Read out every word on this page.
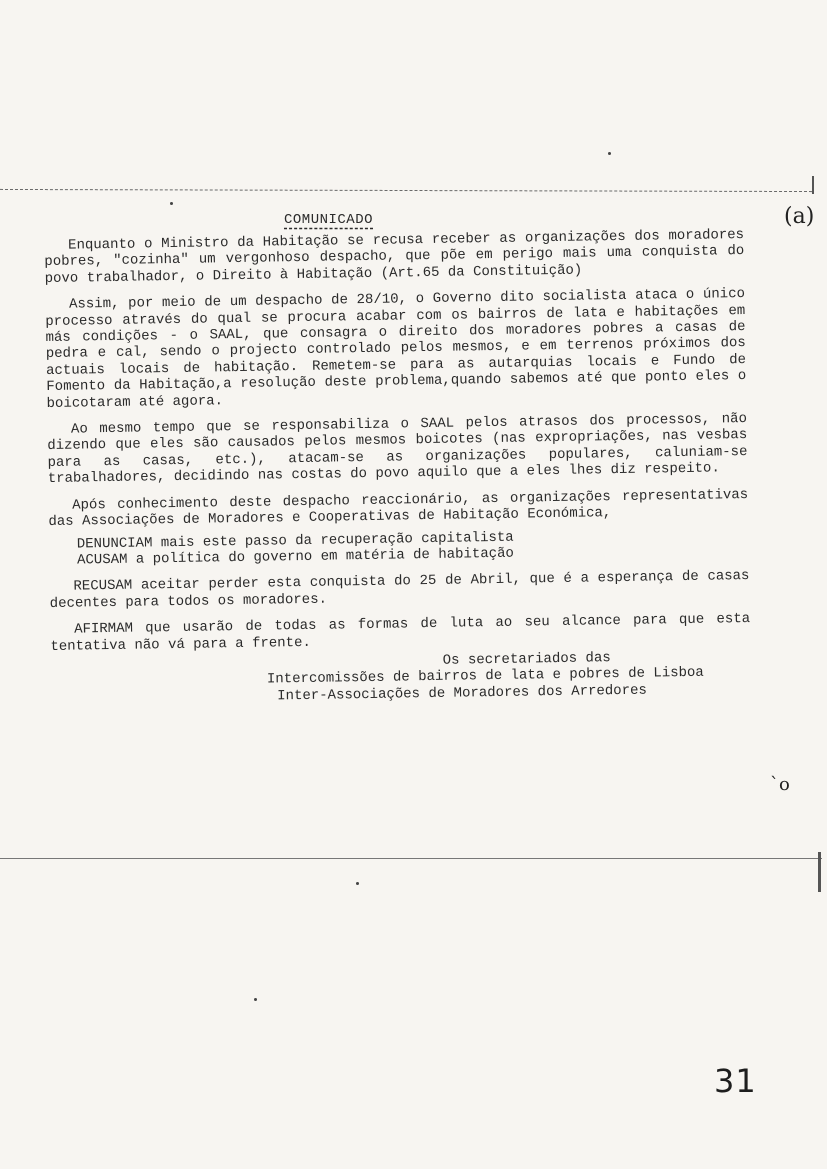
(a)
COMUNICADO

Enquanto o Ministro da Habitação se recusa receber as organizações dos moradores pobres, "cozinha" um vergonhoso despacho, que põe em perigo mais uma conquista do povo trabalhador, o Direito à Habitação (Art.65 da Constituição)

Assim, por meio de um despacho de 28/10, o Governo dito socialista ataca o único processo através do qual se procura acabar com os bairros de lata e habitações em más condições - o SAAL, que consagra o direito dos moradores pobres a casas de pedra e cal, sendo o projecto controlado pelos mesmos, e em terrenos próximos dos actuais locais de habitação. Remetem-se para as autarquias locais e Fundo de Fomento da Habitação,a resolução deste problema,quando sabemos até que ponto eles o boicotaram até agora.

Ao mesmo tempo que se responsabiliza o SAAL pelos atrasos dos processos, não dizendo que eles são causados pelos mesmos boicotes (nas expropriações, nas vesbas para as casas, etc.), atacam-se as organizações populares, caluniam-se trabalhadores, decidindo nas costas do povo aquilo que a eles lhes diz respeito.

Após conhecimento deste despacho reaccionário, as organizações representativas das Associações de Moradores e Cooperativas de Habitação Económica,

DENUNCIAM mais este passo da recuperação capitalista

ACUSAM a política do governo em matéria de habitação

RECUSAM aceitar perder esta conquista do 25 de Abril, que é a esperança de casas decentes para todos os moradores.

AFIRMAM que usarão de todas as formas de luta ao seu alcance para que esta tentativa não vá para a frente.

Os secretariados das
Intercomissões de bairros de lata e pobres de Lisboa
Inter-Associações de Moradores dos Arredores
ˋo
31
